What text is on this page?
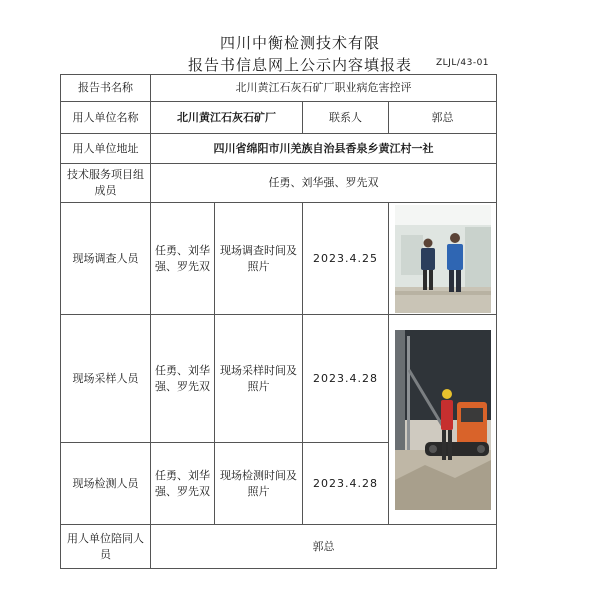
四川中衡检测技术有限
报告书信息网上公示内容填报表	ZLJL/43-01
报告书名称	北川黄江石灰石矿厂职业病危害控评			
用人单位名称	北川黄江石灰石矿厂		联系人	郭总
用人单位地址	四川省绵阳市川羌族自治县香泉乡黄江村一社			
技术服务项目组成员	任勇、刘华强、罗先双			
现场调查人员	任勇、刘华强、罗先双	现场调查时间及照片	2023.4.25	

现场采样人员	任勇、刘华强、罗先双	现场采样时间及照片	2023.4.28	

现场检测人员	任勇、刘华强、罗先双	现场检测时间及照片	2023.4.28	
用人单位陪同人员	郭总			
